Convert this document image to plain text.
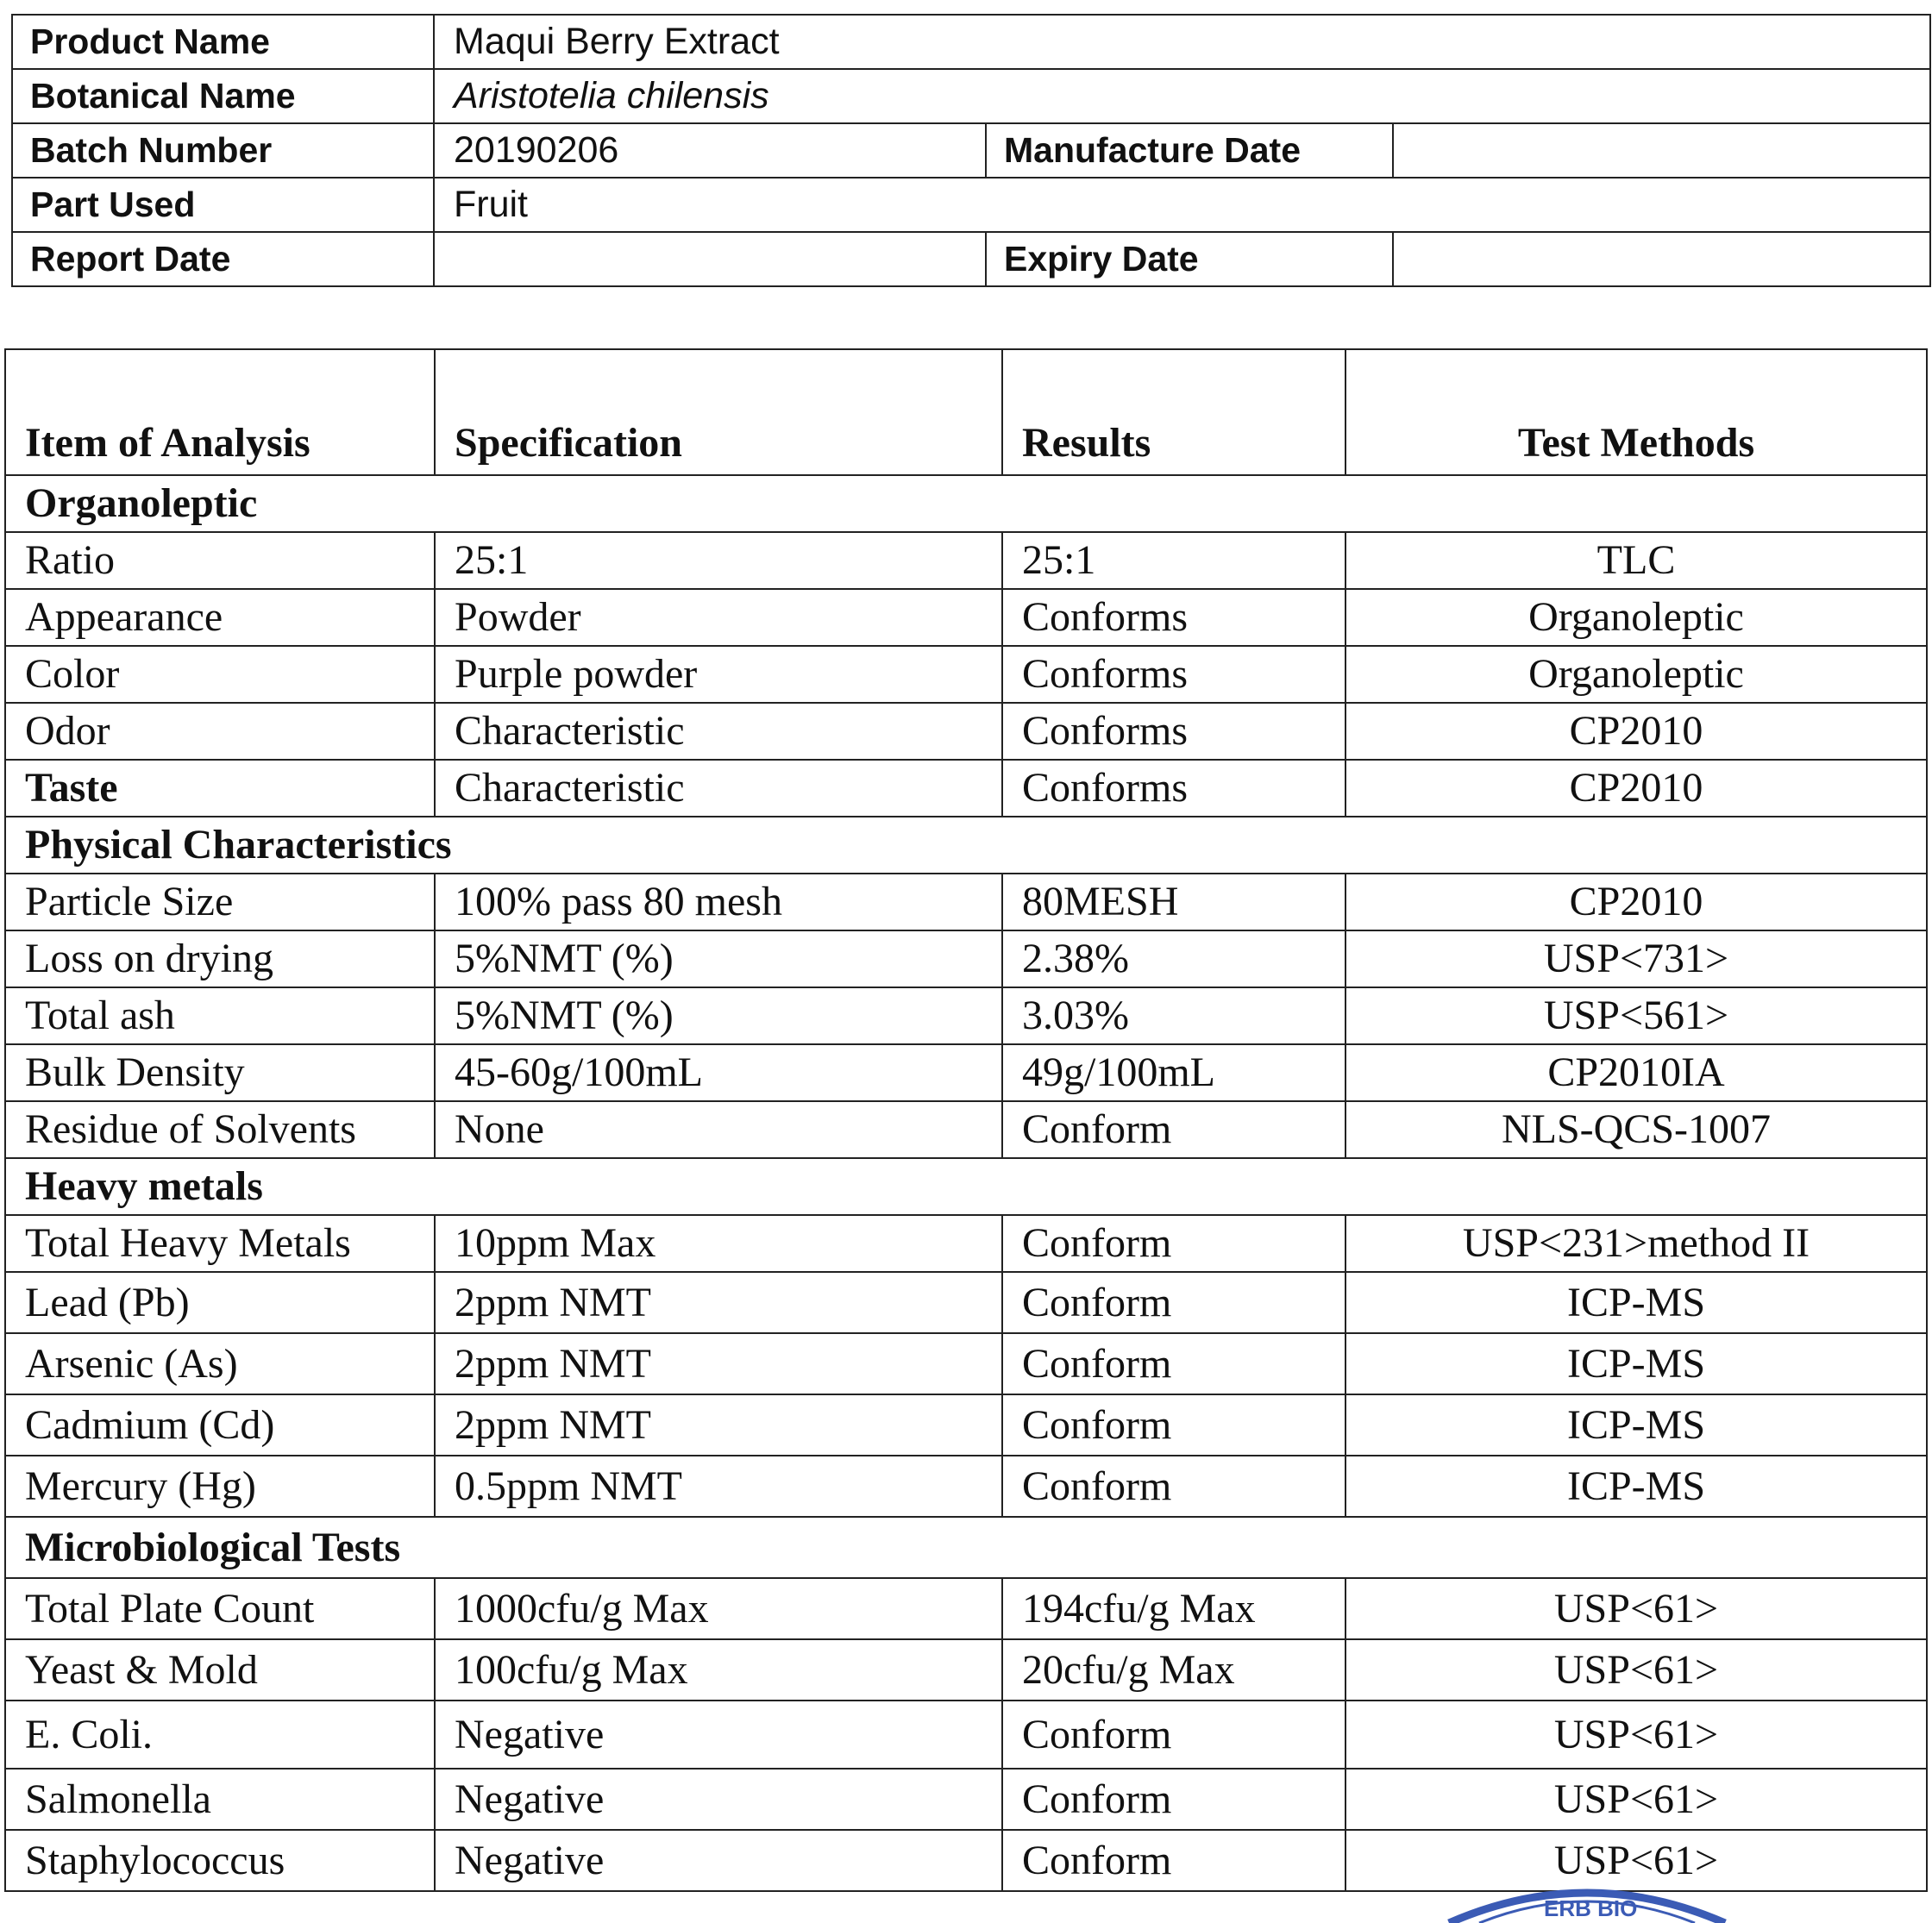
Product Name	Maqui Berry Extract		
Botanical Name	Aristotelia chilensis		
Batch Number	20190206	Manufacture Date	
Part Used	Fruit		
Report Date		Expiry Date	
Item of Analysis	Specification	Results	Test Methods
Organoleptic			
Ratio	25:1	25:1	TLC
Appearance	Powder	Conforms	Organoleptic
Color	Purple powder	Conforms	Organoleptic
Odor	Characteristic	Conforms	CP2010
Taste	Characteristic	Conforms	CP2010
Physical Characteristics			
Particle Size	100% pass 80 mesh	80MESH	CP2010
Loss on drying	5%NMT (%)	2.38%	USP<731>
Total ash	5%NMT (%)	3.03%	USP<561>
Bulk Density	45-60g/100mL	49g/100mL	CP2010IA
Residue of Solvents	None	Conform	NLS-QCS-1007
Heavy metals			
Total Heavy Metals	10ppm Max	Conform	USP<231>method II
Lead (Pb)	2ppm NMT	Conform	ICP-MS
Arsenic (As)	2ppm NMT	Conform	ICP-MS
Cadmium (Cd)	2ppm NMT	Conform	ICP-MS
Mercury (Hg)	0.5ppm NMT	Conform	ICP-MS
Microbiological Tests			
Total Plate Count	1000cfu/g Max	194cfu/g Max	USP<61>
Yeast & Mold	100cfu/g Max	20cfu/g Max	USP<61>
E. Coli.	Negative	Conform	USP<61>
Salmonella	Negative	Conform	USP<61>
Staphylococcus	Negative	Conform	USP<61>
ERB BIO
